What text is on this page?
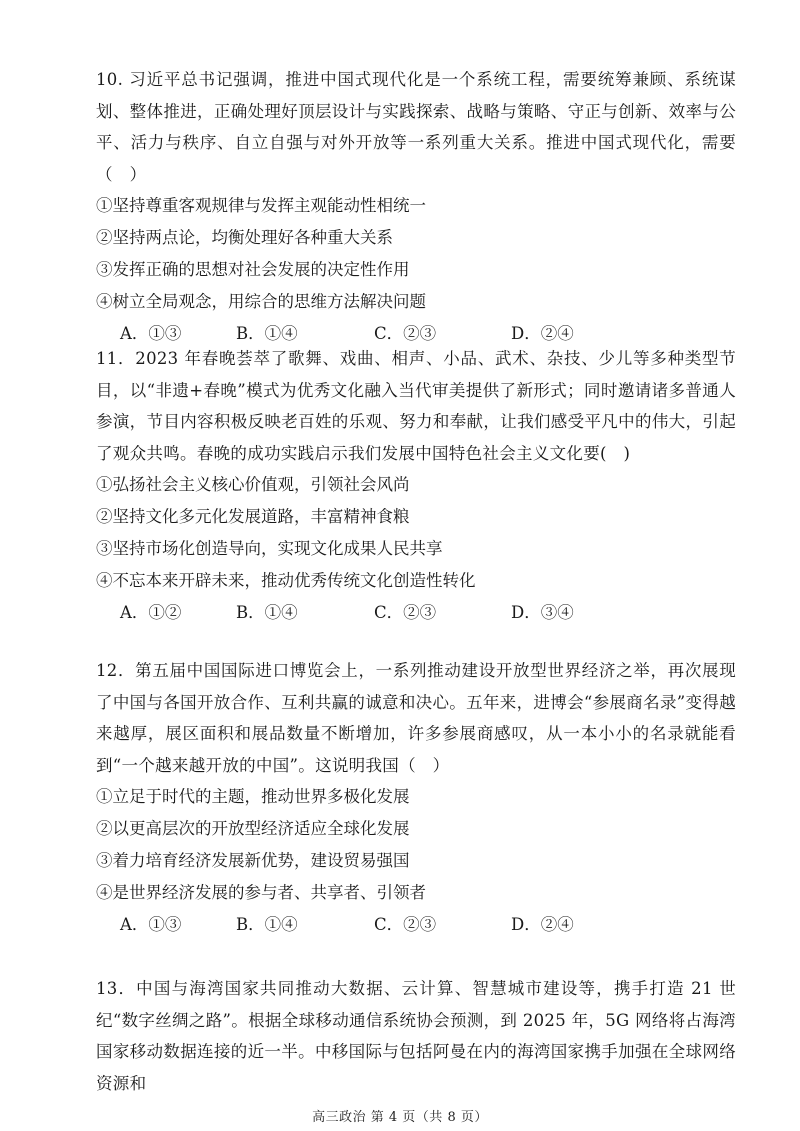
10. 习近平总书记强调，推进中国式现代化是一个系统工程，需要统筹兼顾、系统谋划、整体推进，正确处理好顶层设计与实践探索、战略与策略、守正与创新、效率与公平、活力与秩序、自立自强与对外开放等一系列重大关系。推进中国式现代化，需要（　）

①坚持尊重客观规律与发挥主观能动性相统一

②坚持两点论，均衡处理好各种重大关系

③发挥正确的思想对社会发展的决定性作用

④树立全局观念，用综合的思维方法解决问题

A．①③	B．①④	C．②③	D．②④

11．2023 年春晚荟萃了歌舞、戏曲、相声、小品、武术、杂技、少儿等多种类型节目，以“非遗+春晚”模式为优秀文化融入当代审美提供了新形式；同时邀请诸多普通人参演，节目内容积极反映老百姓的乐观、努力和奉献，让我们感受平凡中的伟大，引起了观众共鸣。春晚的成功实践启示我们发展中国特色社会主义文化要(　)

①弘扬社会主义核心价值观，引领社会风尚

②坚持文化多元化发展道路，丰富精神食粮

③坚持市场化创造导向，实现文化成果人民共享

④不忘本来开辟未来，推动优秀传统文化创造性转化

A．①②	B．①④	C．②③	D．③④

12．第五届中国国际进口博览会上，一系列推动建设开放型世界经济之举，再次展现了中国与各国开放合作、互利共赢的诚意和决心。五年来，进博会“参展商名录”变得越来越厚，展区面积和展品数量不断增加，许多参展商感叹，从一本小小的名录就能看到“一个越来越开放的中国”。这说明我国（　）

①立足于时代的主题，推动世界多极化发展

②以更高层次的开放型经济适应全球化发展

③着力培育经济发展新优势，建设贸易强国

④是世界经济发展的参与者、共享者、引领者

A．①③	B．①④	C．②③	D．②④

13．中国与海湾国家共同推动大数据、云计算、智慧城市建设等，携手打造 21 世纪“数字丝绸之路”。根据全球移动通信系统协会预测，到 2025 年，5G 网络将占海湾国家移动数据连接的近一半。中移国际与包括阿曼在内的海湾国家携手加强在全球网络资源和

高三政治 第 4 页（共 8 页）
